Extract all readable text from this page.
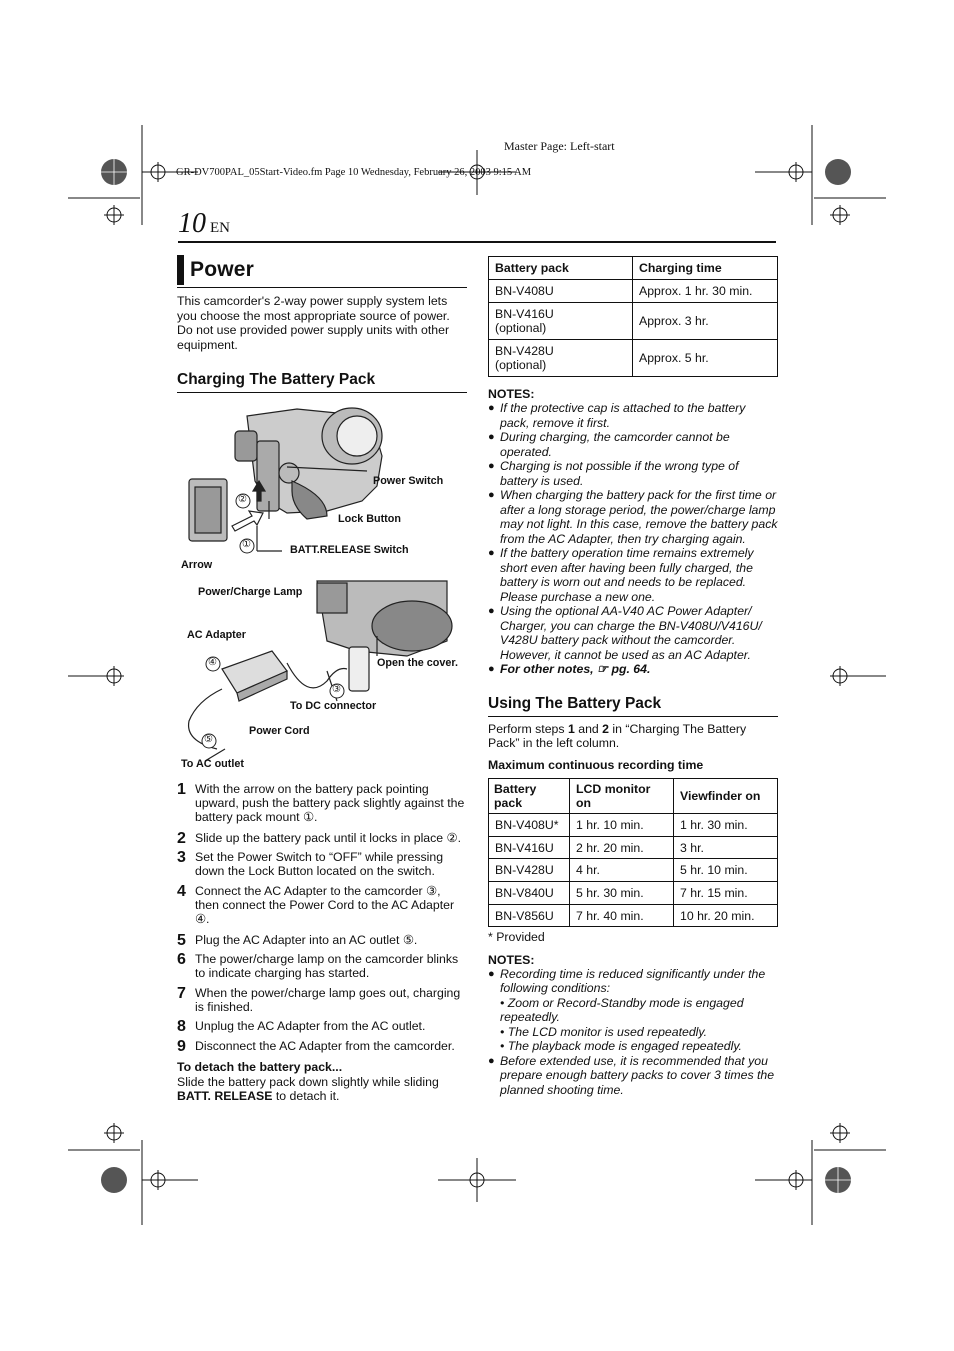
Master Page: Left-start
GR-DV700PAL_05Start-Video.fm Page 10 Wednesday, February 26, 2003 9:15 AM
10 EN
Power
This camcorder's 2-way power supply system lets you choose the most appropriate source of power. Do not use provided power supply units with other equipment.
Charging The Battery Pack
Power Switch
Lock Button
BATT.RELEASE Switch
Arrow
Power/Charge Lamp
AC Adapter
Open the cover.
To DC connector
Power Cord
To AC outlet
②
①
④
③
⑤
1 With the arrow on the battery pack pointing upward, push the battery pack slightly against the battery pack mount ①.
2 Slide up the battery pack until it locks in place ②.
3 Set the Power Switch to “OFF” while pressing down the Lock Button located on the switch.
4 Connect the AC Adapter to the camcorder ③, then connect the Power Cord to the AC Adapter ④.
5 Plug the AC Adapter into an AC outlet ⑤.
6 The power/charge lamp on the camcorder blinks to indicate charging has started.
7 When the power/charge lamp goes out, charging is finished.
8 Unplug the AC Adapter from the AC outlet.
9 Disconnect the AC Adapter from the camcorder.
To detach the battery pack...
Slide the battery pack down slightly while sliding BATT. RELEASE to detach it.
Battery pack	Charging time
BN-V408U	Approx. 1 hr. 30 min.

BN-V416U
(optional)	Approx. 3 hr.

BN-V428U
(optional)	Approx. 5 hr.
NOTES:
● If the protective cap is attached to the battery pack, remove it first.
● During charging, the camcorder cannot be operated.
● Charging is not possible if the wrong type of battery is used.
● When charging the battery pack for the first time or after a long storage period, the power/charge lamp may not light. In this case, remove the battery pack from the AC Adapter, then try charging again.
● If the battery operation time remains extremely short even after having been fully charged, the battery is worn out and needs to be replaced. Please purchase a new one.
● Using the optional AA-V40 AC Power Adapter/ Charger, you can charge the BN-V408U/V416U/ V428U battery pack without the camcorder. However, it cannot be used as an AC Adapter.
● For other notes, ☞ pg. 64.
Using The Battery Pack
Perform steps 1 and 2 in “Charging The Battery Pack” in the left column.
Maximum continuous recording time
Battery pack	LCD monitor on	Viewfinder on
BN-V408U*	1 hr. 10 min.	1 hr. 30 min.
BN-V416U	2 hr. 20 min.	3 hr.
BN-V428U	4 hr.	5 hr. 10 min.
BN-V840U	5 hr. 30 min.	7 hr. 15 min.
BN-V856U	7 hr. 40 min.	10 hr. 20 min.
* Provided
NOTES:
● Recording time is reduced significantly under the following conditions:
• Zoom or Record-Standby mode is engaged repeatedly.
• The LCD monitor is used repeatedly.
• The playback mode is engaged repeatedly.
● Before extended use, it is recommended that you prepare enough battery packs to cover 3 times the planned shooting time.
